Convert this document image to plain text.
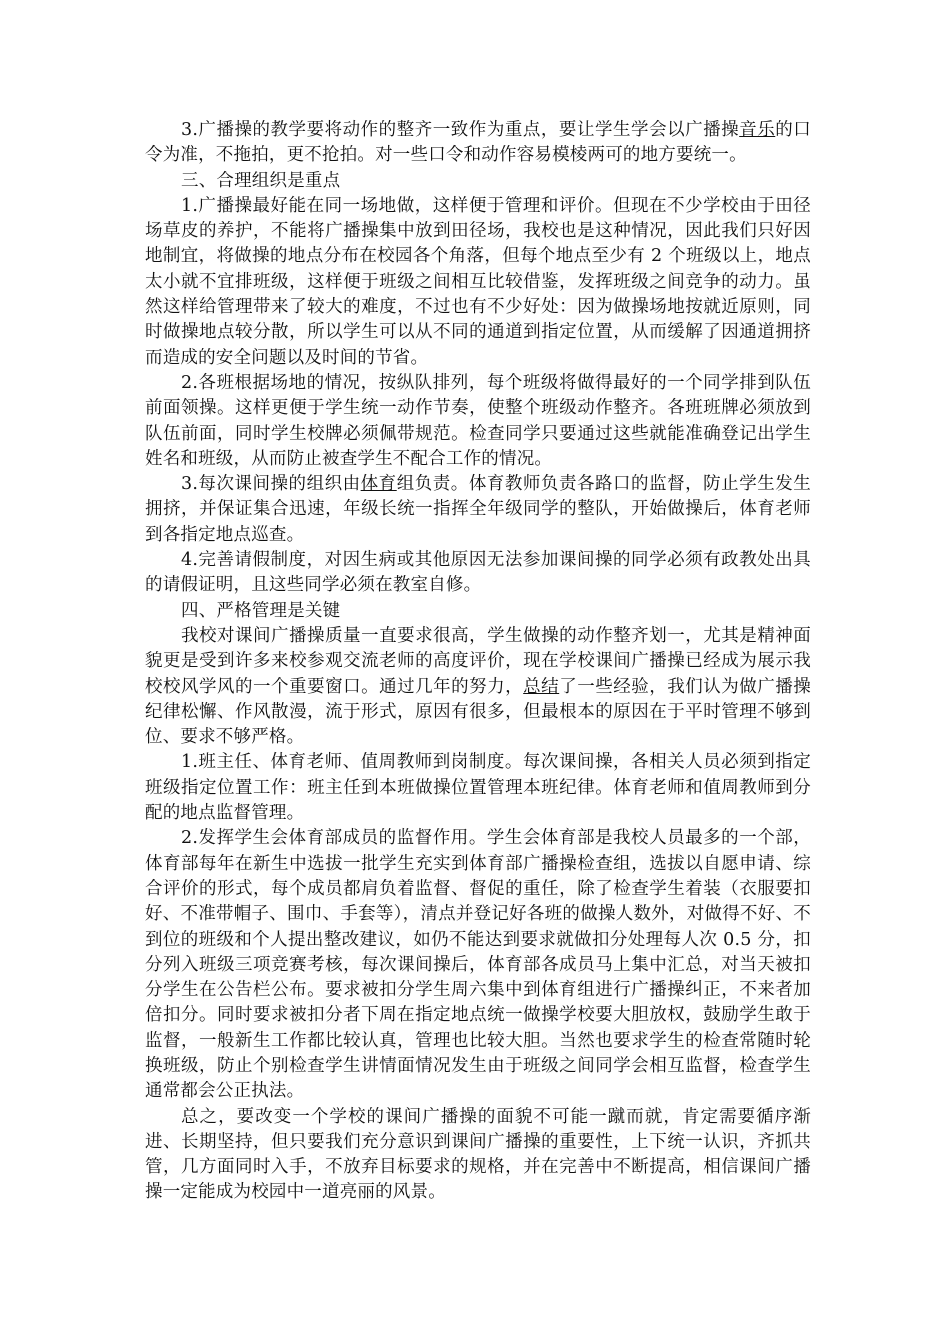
3.广播操的教学要将动作的整齐一致作为重点，要让学生学会以广播操音乐的口令为准，不拖拍，更不抢拍。对一些口令和动作容易模棱两可的地方要统一。

三、合理组织是重点

1.广播操最好能在同一场地做，这样便于管理和评价。但现在不少学校由于田径场草皮的养护，不能将广播操集中放到田径场，我校也是这种情况，因此我们只好因地制宜，将做操的地点分布在校园各个角落，但每个地点至少有 2 个班级以上，地点太小就不宜排班级，这样便于班级之间相互比较借鉴，发挥班级之间竞争的动力。虽然这样给管理带来了较大的难度，不过也有不少好处：因为做操场地按就近原则，同时做操地点较分散，所以学生可以从不同的通道到指定位置，从而缓解了因通道拥挤而造成的安全问题以及时间的节省。

2.各班根据场地的情况，按纵队排列，每个班级将做得最好的一个同学排到队伍前面领操。这样更便于学生统一动作节奏，使整个班级动作整齐。各班班牌必须放到队伍前面，同时学生校牌必须佩带规范。检查同学只要通过这些就能准确登记出学生姓名和班级，从而防止被查学生不配合工作的情况。

3.每次课间操的组织由体育组负责。体育教师负责各路口的监督，防止学生发生拥挤，并保证集合迅速，年级长统一指挥全年级同学的整队，开始做操后，体育老师到各指定地点巡查。

4.完善请假制度，对因生病或其他原因无法参加课间操的同学必须有政教处出具的请假证明，且这些同学必须在教室自修。

四、严格管理是关键

我校对课间广播操质量一直要求很高，学生做操的动作整齐划一，尤其是精神面貌更是受到许多来校参观交流老师的高度评价，现在学校课间广播操已经成为展示我校校风学风的一个重要窗口。通过几年的努力，总结了一些经验，我们认为做广播操纪律松懈、作风散漫，流于形式，原因有很多，但最根本的原因在于平时管理不够到位、要求不够严格。

1.班主任、体育老师、值周教师到岗制度。每次课间操，各相关人员必须到指定班级指定位置工作：班主任到本班做操位置管理本班纪律。体育老师和值周教师到分配的地点监督管理。

2.发挥学生会体育部成员的监督作用。学生会体育部是我校人员最多的一个部，体育部每年在新生中选拔一批学生充实到体育部广播操检查组，选拔以自愿申请、综合评价的形式，每个成员都肩负着监督、督促的重任，除了检查学生着装（衣服要扣好、不准带帽子、围巾、手套等），清点并登记好各班的做操人数外，对做得不好、不到位的班级和个人提出整改建议，如仍不能达到要求就做扣分处理每人次 0.5 分，扣分列入班级三项竞赛考核，每次课间操后，体育部各成员马上集中汇总，对当天被扣分学生在公告栏公布。要求被扣分学生周六集中到体育组进行广播操纠正，不来者加倍扣分。同时要求被扣分者下周在指定地点统一做操学校要大胆放权，鼓励学生敢于监督，一般新生工作都比较认真，管理也比较大胆。当然也要求学生的检查常随时轮换班级，防止个别检查学生讲情面情况发生由于班级之间同学会相互监督，检查学生通常都会公正执法。

总之，要改变一个学校的课间广播操的面貌不可能一蹴而就，肯定需要循序渐进、长期坚持，但只要我们充分意识到课间广播操的重要性，上下统一认识，齐抓共管，几方面同时入手，不放弃目标要求的规格，并在完善中不断提高，相信课间广播操一定能成为校园中一道亮丽的风景。
